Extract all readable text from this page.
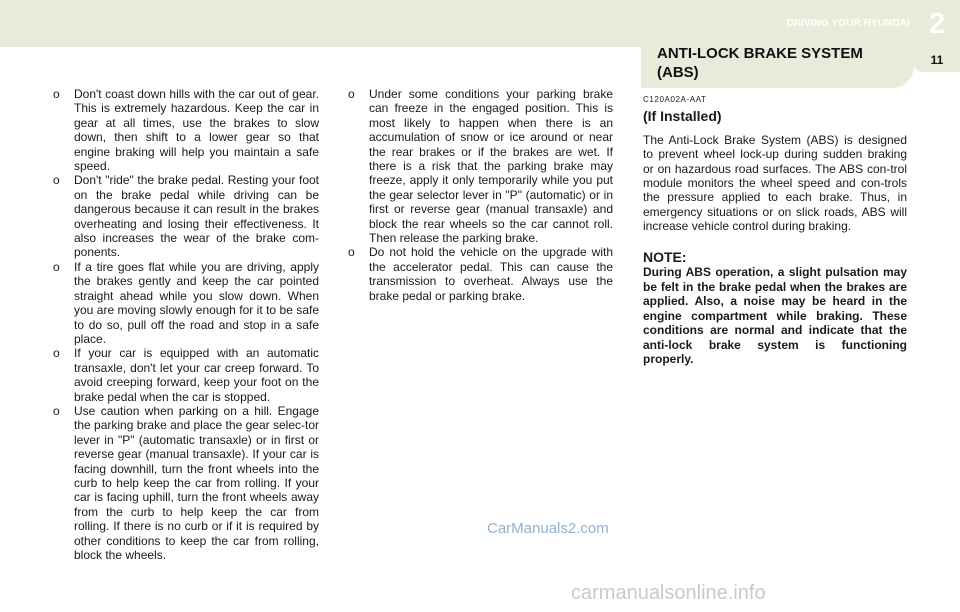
DRIVING YOUR HYUNDAI 2
11
ANTI-LOCK BRAKE SYSTEM (ABS)
o Don't coast down hills with the car out of gear. This is extremely hazardous. Keep the car in gear at all times, use the brakes to slow down, then shift to a lower gear so that engine braking will help you maintain a safe speed.
o Don't "ride" the brake pedal. Resting your foot on the brake pedal while driving can be dangerous because it can result in the brakes overheating and losing their effectiveness. It also increases the wear of the brake com-ponents.
o If a tire goes flat while you are driving, apply the brakes gently and keep the car pointed straight ahead while you slow down. When you are moving slowly enough for it to be safe to do so, pull off the road and stop in a safe place.
o If your car is equipped with an automatic transaxle, don't let your car creep forward. To avoid creeping forward, keep your foot on the brake pedal when the car is stopped.
o Use caution when parking on a hill. Engage the parking brake and place the gear selec-tor lever in "P" (automatic transaxle) or in first or reverse gear (manual transaxle). If your car is facing downhill, turn the front wheels into the curb to help keep the car from rolling. If your car is facing uphill, turn the front wheels away from the curb to help keep the car from rolling. If there is no curb or if it is required by other conditions to keep the car from rolling, block the wheels.
o Under some conditions your parking brake can freeze in the engaged position. This is most likely to happen when there is an accumulation of snow or ice around or near the rear brakes or if the brakes are wet. If there is a risk that the parking brake may freeze, apply it only temporarily while you put the gear selector lever in "P" (automatic) or in first or reverse gear (manual transaxle) and block the rear wheels so the car cannot roll. Then release the parking brake.
o Do not hold the vehicle on the upgrade with the accelerator pedal. This can cause the transmission to overheat. Always use the brake pedal or parking brake.
C120A02A-AAT
(If Installed)

The Anti-Lock Brake System (ABS) is designed to prevent wheel lock-up during sudden braking or on hazardous road surfaces. The ABS con-trol module monitors the wheel speed and con-trols the pressure applied to each brake. Thus, in emergency situations or on slick roads, ABS will increase vehicle control during braking.

NOTE:

During ABS operation, a slight pulsation may be felt in the brake pedal when the brakes are applied. Also, a noise may be heard in the engine compartment while braking. These conditions are normal and indicate that the anti-lock brake system is functioning properly.

CarManuals2.com
carmanualsonline.info
